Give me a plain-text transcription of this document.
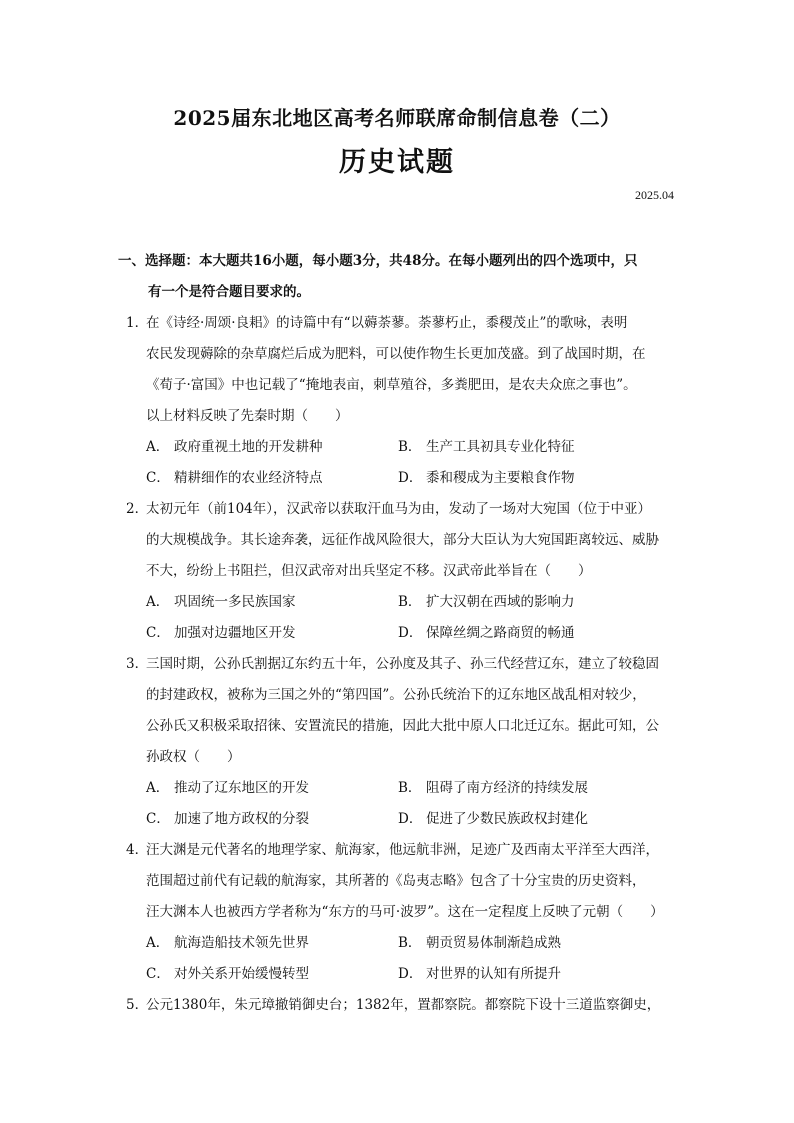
2025届东北地区高考名师联席命制信息卷（二）
历史试题
2025.04
一、选择题：本大题共16小题，每小题3分，共48分。在每小题列出的四个选项中，只
有一个是符合题目要求的。
1．在《诗经·周颂·良耜》的诗篇中有“以薅荼蓼。荼蓼朽止，黍稷茂止”的歌咏，表明
农民发现薅除的杂草腐烂后成为肥料，可以使作物生长更加茂盛。到了战国时期，在
《荀子·富国》中也记载了“掩地表亩，刺草殖谷，多粪肥田，是农夫众庶之事也”。
以上材料反映了先秦时期（　　）
A． 政府重视土地的开发耕种	B． 生产工具初具专业化特征
C． 精耕细作的农业经济特点	D． 黍和稷成为主要粮食作物
2．太初元年（前104年），汉武帝以获取汗血马为由，发动了一场对大宛国（位于中亚）
的大规模战争。其长途奔袭，远征作战风险很大，部分大臣认为大宛国距离较远、威胁
不大，纷纷上书阻拦，但汉武帝对出兵坚定不移。汉武帝此举旨在（　　）
A． 巩固统一多民族国家	B． 扩大汉朝在西域的影响力
C． 加强对边疆地区开发	D． 保障丝绸之路商贸的畅通
3．三国时期，公孙氏割据辽东约五十年，公孙度及其子、孙三代经营辽东，建立了较稳固
的封建政权，被称为三国之外的“第四国”。公孙氏统治下的辽东地区战乱相对较少，
公孙氏又积极采取招徕、安置流民的措施，因此大批中原人口北迁辽东。据此可知，公
孙政权（　　）
A． 推动了辽东地区的开发	B． 阻碍了南方经济的持续发展
C． 加速了地方政权的分裂	D． 促进了少数民族政权封建化
4．汪大渊是元代著名的地理学家、航海家，他远航非洲，足迹广及西南太平洋至大西洋，
范围超过前代有记载的航海家，其所著的《岛夷志略》包含了十分宝贵的历史资料，
汪大渊本人也被西方学者称为“东方的马可·波罗”。这在一定程度上反映了元朝（　　）
A． 航海造船技术领先世界	B． 朝贡贸易体制渐趋成熟
C． 对外关系开始缓慢转型	D． 对世界的认知有所提升
5．公元1380年，朱元璋撤销御史台；1382年，置都察院。都察院下设十三道监察御史，
